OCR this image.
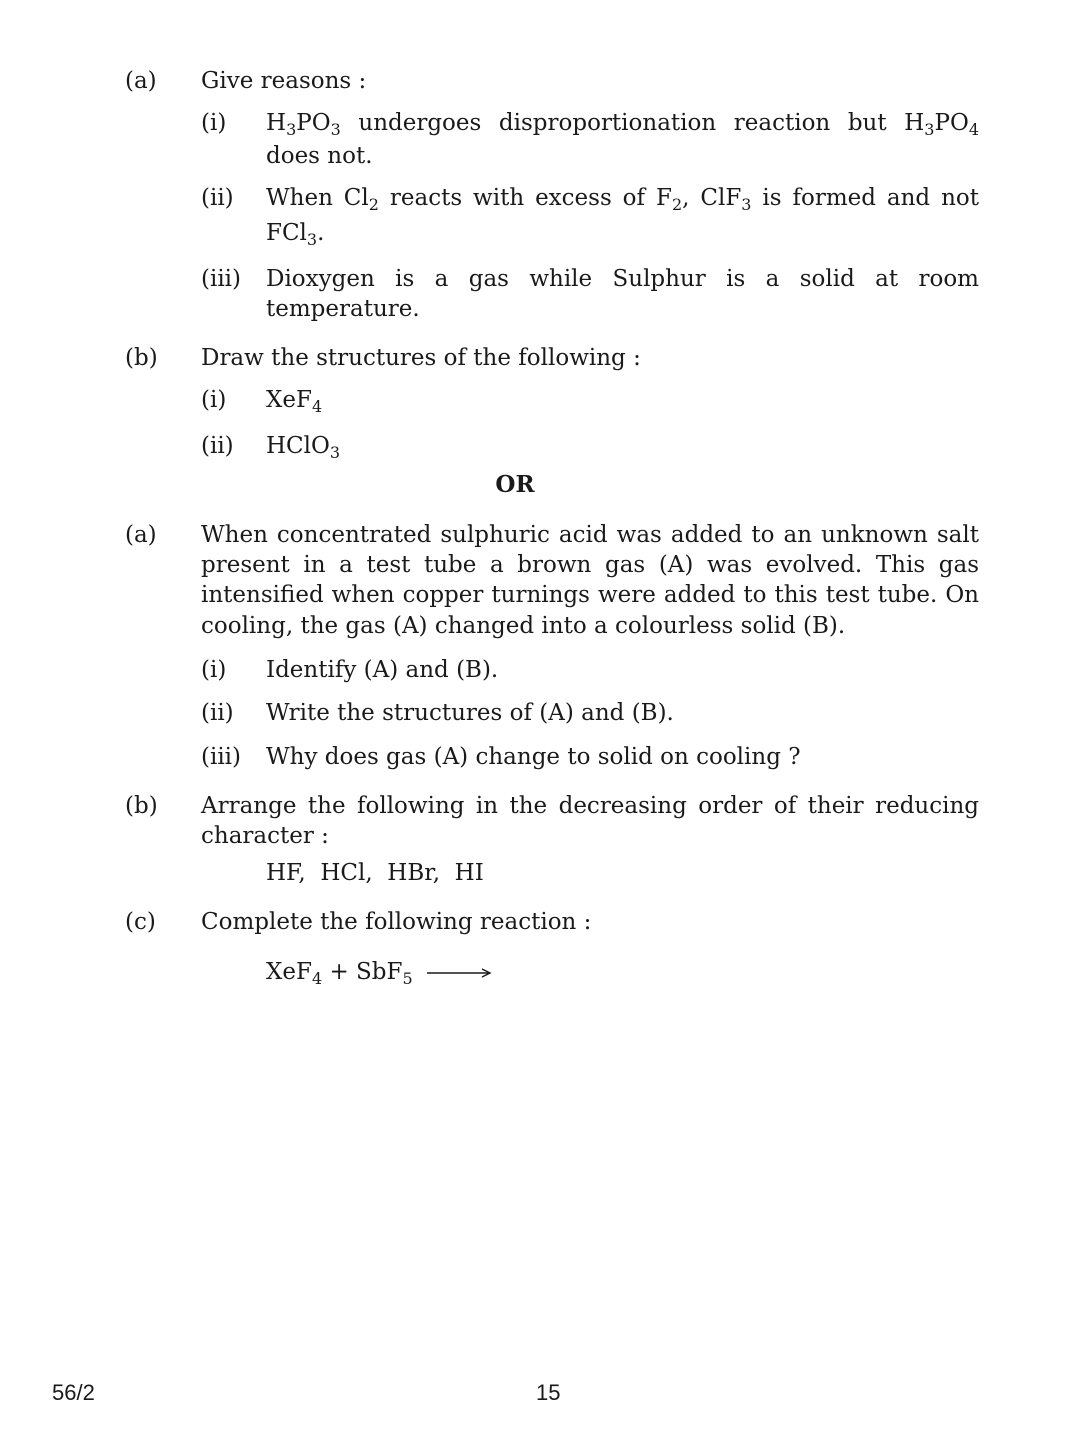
(a) Give reasons :
(i) $H_3PO_3$ undergoes disproportionation reaction but $H_3PO_4$
does not.
(ii) When $Cl_2$ reacts with excess of $F_2$, ClF$_3$ is formed and not
FCl$_3$.
(iii) Dioxygen is a gas while Sulphur is a solid at room
temperature.
(b) Draw the structures of the following :
(i) XeF$_4$
(ii) HClO$_3$
OR
(a) When concentrated sulphuric acid was added to an unknown salt
present in a test tube a brown gas (A) was evolved. This gas
intensified when copper turnings were added to this test tube. On
cooling, the gas (A) changed into a colourless solid (B).
(i) Identify (A) and (B).
(ii) Write the structures of (A) and (B).
(iii) Why does gas (A) change to solid on cooling ?
(b) Arrange the following in the decreasing order of their reducing
character :
HF,  HCl,  HBr,  HI
(c) Complete the following reaction :
XeF$_4$ + SbF$_5$ →
56/2	15
